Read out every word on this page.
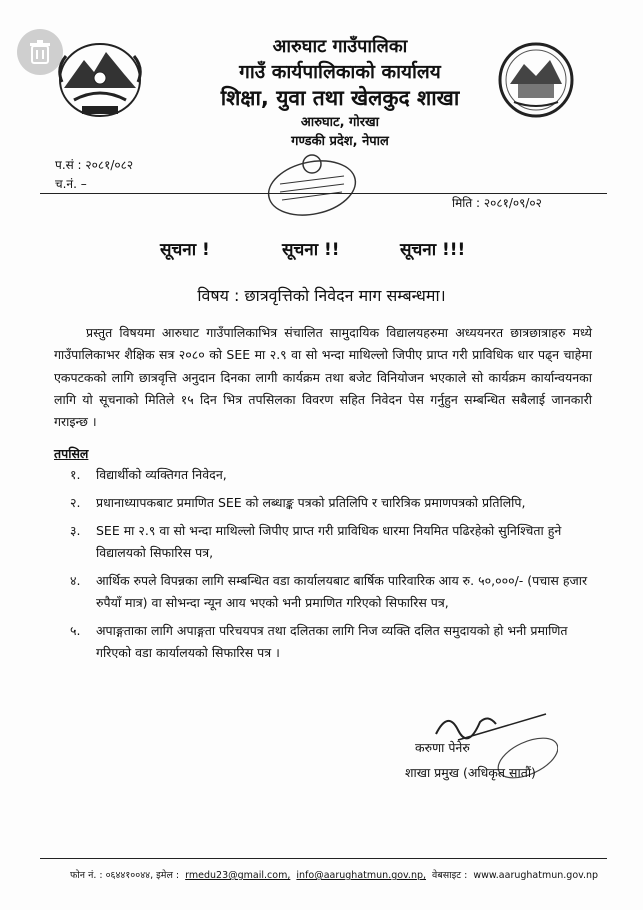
आरुघाट गाउँपालिका
गाउँ कार्यपालिकाको कार्यालय
शिक्षा, युवा तथा खेलकुद शाखा
आरुघाट, गोरखा
गण्डकी प्रदेश, नेपाल
प.सं : २०८१/०८२
च.नं. –
मिति : २०८१/०९/०२
सूचना !	सूचना !!	सूचना !!!
विषय : छात्रवृत्तिको निवेदन माग सम्बन्धमा।
प्रस्तुत विषयमा आरुघाट गाउँपालिकाभित्र संचालित सामुदायिक विद्यालयहरुमा अध्ययनरत छात्रछात्राहरु मध्ये गाउँपालिकाभर शैक्षिक सत्र २०८० को SEE मा २.९ वा सो भन्दा माथिल्लो जिपीए प्राप्त गरी प्राविधिक धार पढ्न चाहेमा एकपटकको लागि छात्रवृत्ति अनुदान दिनका लागी कार्यक्रम तथा बजेट विनियोजन भएकाले सो कार्यक्रम कार्यान्वयनका लागि यो सूचनाको मितिले १५ दिन भित्र तपसिलका विवरण सहित निवेदन पेस गर्नुहुन सम्बन्धित सबैलाई जानकारी गराइन्छ ।
तपसिल
१. विद्यार्थीको व्यक्तिगत निवेदन,
२. प्रधानाध्यापकबाट प्रमाणित SEE को लब्धाङ्क पत्रको प्रतिलिपि र चारित्रिक प्रमाणपत्रको प्रतिलिपि,
३. SEE मा २.९ वा सो भन्दा माथिल्लो जिपीए प्राप्त गरी प्राविधिक धारमा नियमित पढिरहेको सुनिश्चिता हुने विद्यालयको सिफारिस पत्र,
४. आर्थिक रुपले विपन्नका लागि सम्बन्धित वडा कार्यालयबाट बार्षिक पारिवारिक आय रु. ५०,०००/- (पचास हजार रुपैयाँ मात्र) वा सोभन्दा न्यून आय भएको भनी प्रमाणित गरिएको सिफारिस पत्र,
५. अपाङ्गताका लागि अपाङ्गता परिचयपत्र तथा दलितका लागि निज व्यक्ति दलित समुदायको हो भनी प्रमाणित गरिएको वडा कार्यालयको सिफारिस पत्र ।
करुणा पेनेरु
शाखा प्रमुख (अधिकृत सातौं)
फोन नं. : ०६४४१००४४, इमेल : rmedu23@gmail.com, info@aarughatmun.gov.np, वेबसाइट : www.aarughatmun.gov.np
